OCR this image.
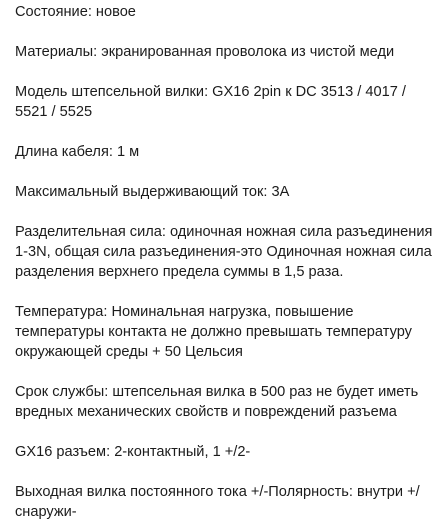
Состояние: новое

Материалы: экранированная проволока из чистой меди

Модель штепсельной вилки: GX16 2pin к DC 3513 / 4017 / 5521 / 5525

Длина кабеля: 1 м

Максимальный выдерживающий ток: 3A

Разделительная сила: одиночная ножная сила разъединения 1-3N, общая сила разъединения-это Одиночная ножная сила разделения верхнего предела суммы в 1,5 раза.

Температура: Номинальная нагрузка, повышение температуры контакта не должно превышать температуру окружающей среды + 50 Цельсия

Срок службы: штепсельная вилка в 500 раз не будет иметь вредных механических свойств и повреждений разъема

GX16 разъем: 2-контактный, 1 +/2-

Выходная вилка постоянного тока +/-Полярность: внутри +/снаружи-
